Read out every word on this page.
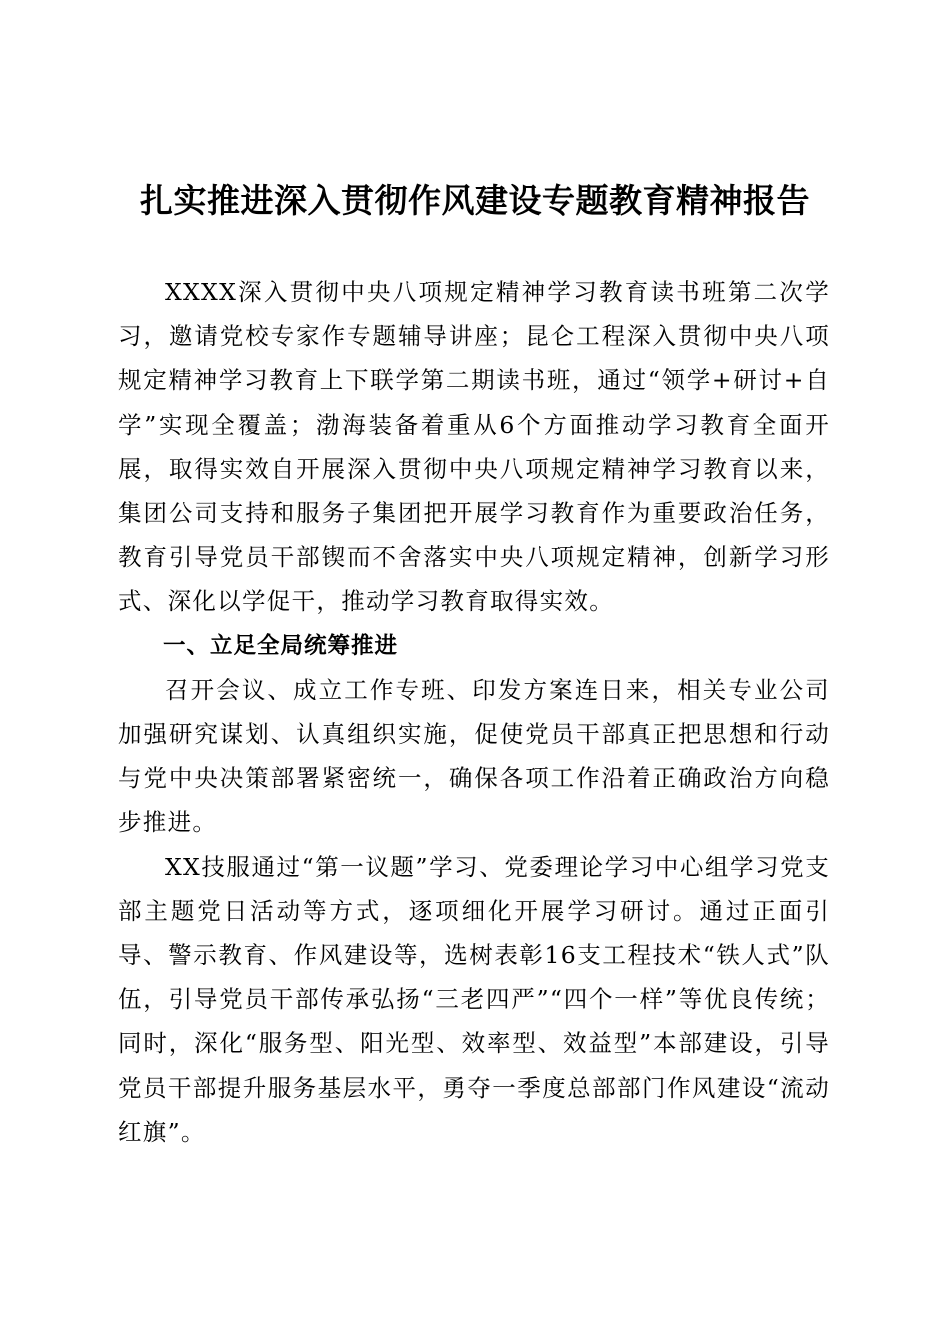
扎实推进深入贯彻作风建设专题教育精神报告

XXXX深入贯彻中央八项规定精神学习教育读书班第二次学习，邀请党校专家作专题辅导讲座；昆仑工程深入贯彻中央八项规定精神学习教育上下联学第二期读书班，通过“领学+研讨+自学”实现全覆盖；渤海装备着重从6个方面推动学习教育全面开展，取得实效自开展深入贯彻中央八项规定精神学习教育以来，集团公司支持和服务子集团把开展学习教育作为重要政治任务，教育引导党员干部锲而不舍落实中央八项规定精神，创新学习形式、深化以学促干，推动学习教育取得实效。

一、立足全局统筹推进

召开会议、成立工作专班、印发方案连日来，相关专业公司加强研究谋划、认真组织实施，促使党员干部真正把思想和行动与党中央决策部署紧密统一，确保各项工作沿着正确政治方向稳步推进。

XX技服通过“第一议题”学习、党委理论学习中心组学习党支部主题党日活动等方式，逐项细化开展学习研讨。通过正面引导、警示教育、作风建设等，选树表彰16支工程技术“铁人式”队伍，引导党员干部传承弘扬“三老四严”“四个一样”等优良传统；同时，深化“服务型、阳光型、效率型、效益型”本部建设，引导党员干部提升服务基层水平，勇夺一季度总部部门作风建设“流动红旗”。
